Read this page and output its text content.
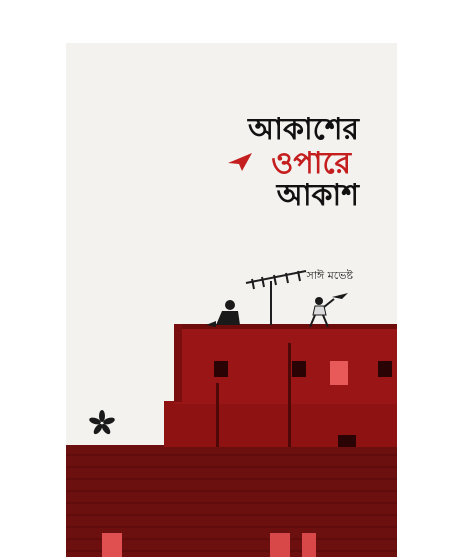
আকাশের
ওপারে
আকাশ
সাঈ মভেষ্ট
